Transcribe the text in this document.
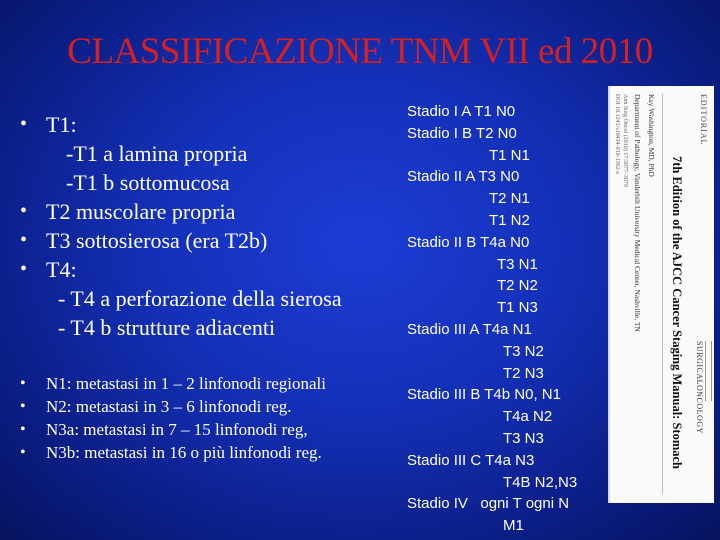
CLASSIFICAZIONE TNM VII ed 2010
• T1:
-T1 a lamina propria
-T1 b sottomucosa
• T2 muscolare propria
• T3 sottosierosa (era T2b)
• T4:
- T4 a perforazione della sierosa
- T4 b strutture adiacenti
• N1: metastasi in 1 – 2 linfonodi regionali
• N2: metastasi in 3 – 6 linfonodi reg.
• N3a: metastasi in 7 – 15 linfonodi reg,
• N3b: metastasi in 16 o più linfonodi reg.
Stadio I A T1 N0
Stadio I B T2 N0
T1 N1
Stadio II A T3 N0
T2 N1
T1 N2
Stadio II B T4a N0
T3 N1
T2 N2
T1 N3
Stadio III A T4a N1
T3 N2
T2 N3
Stadio III B T4b N0, N1
T4a N2
T3 N3
Stadio III C T4a N3
T4B N2,N3
Stadio IV   ogni T ogni N
M1
EDITORIAL
SURGICALONCOLOGY
7th Edition of the AJCC Cancer Staging Manual: Stomach
Kay Washington, MD, PhD
Department of Pathology, Vanderbilt University Medical Center, Nashville, TN
Ann Surg Oncol (2010) 17:3077–3079
DOI 10.1245/s10434-010-1362-z
